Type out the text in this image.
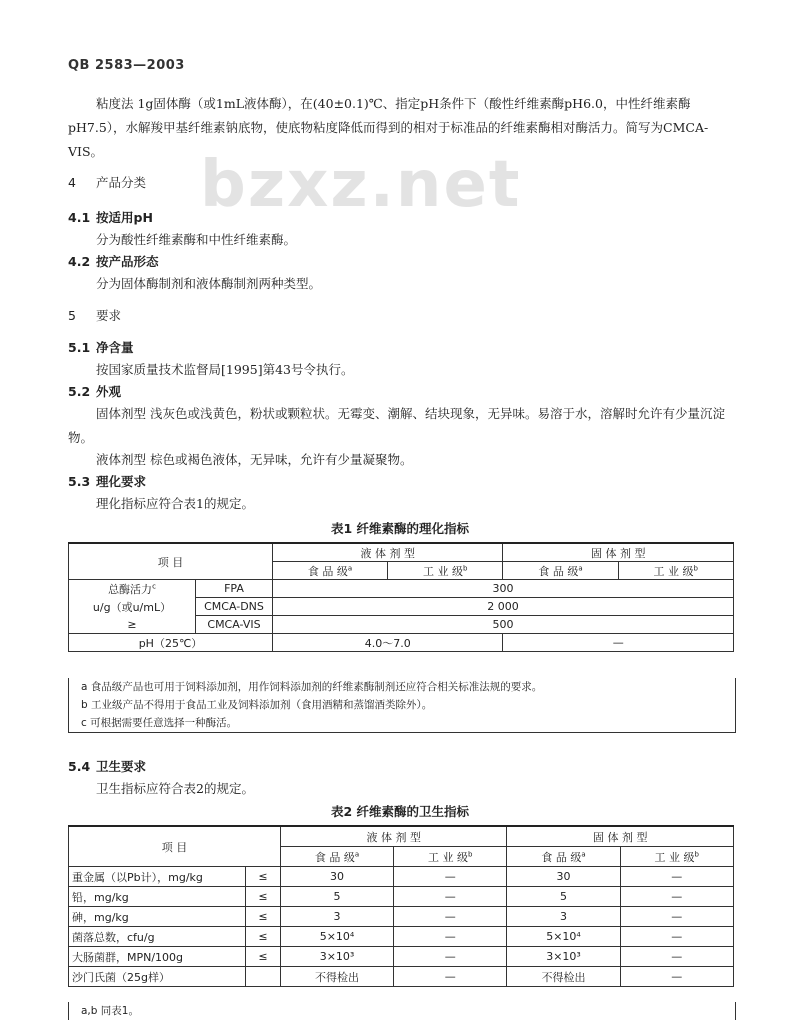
QB 2583—2003
bzxz.net
粘度法 1g固体酶（或1mL液体酶），在(40±0.1)℃、指定pH条件下（酸性纤维素酶pH6.0，中性纤维素酶pH7.5），水解羧甲基纤维素钠底物，使底物粘度降低而得到的相对于标准品的纤维素酶相对酶活力。简写为CMCA-VIS。
4 产品分类
4.1 按适用pH
分为酸性纤维素酶和中性纤维素酶。
4.2 按产品形态
分为固体酶制剂和液体酶制剂两种类型。
5 要求
5.1 净含量
按国家质量技术监督局[1995]第43号令执行。
5.2 外观
固体剂型 浅灰色或浅黄色，粉状或颗粒状。无霉变、潮解、结块现象，无异味。易溶于水，溶解时允许有少量沉淀物。
液体剂型 棕色或褐色液体，无异味，允许有少量凝聚物。
5.3 理化要求
理化指标应符合表1的规定。
表1 纤维素酶的理化指标
项 目		液 体 剂 型		固 体 剂 型	
		食 品 级$^a$	工 业 级$^b$	食 品 级$^a$	工 业 级$^b$
总酶活力$^c$	FPA	300			
u/g（或u/mL）	CMCA-DNS	2 000			
≥	CMCA-VIS	500			
pH（25℃）		4.0～7.0		—	
a 食品级产品也可用于饲料添加剂，用作饲料添加剂的纤维素酶制剂还应符合相关标准法规的要求。
b 工业级产品不得用于食品工业及饲料添加剂（食用酒精和蒸馏酒类除外）。
c 可根据需要任意选择一种酶活。
5.4 卫生要求
卫生指标应符合表2的规定。
表2 纤维素酶的卫生指标
项 目		液 体 剂 型		固 体 剂 型	
		食 品 级$^a$	工 业 级$^b$	食 品 级$^a$	工 业 级$^b$
重金属（以Pb计），mg/kg	≤	30	—	30	—
铅，mg/kg	≤	5	—	5	—
砷，mg/kg	≤	3	—	3	—
菌落总数，cfu/g	≤	5×10⁴	—	5×10⁴	—
大肠菌群，MPN/100g	≤	3×10³	—	3×10³	—
沙门氏菌（25g样）		不得检出	—	不得检出	—
a,b 同表1。
